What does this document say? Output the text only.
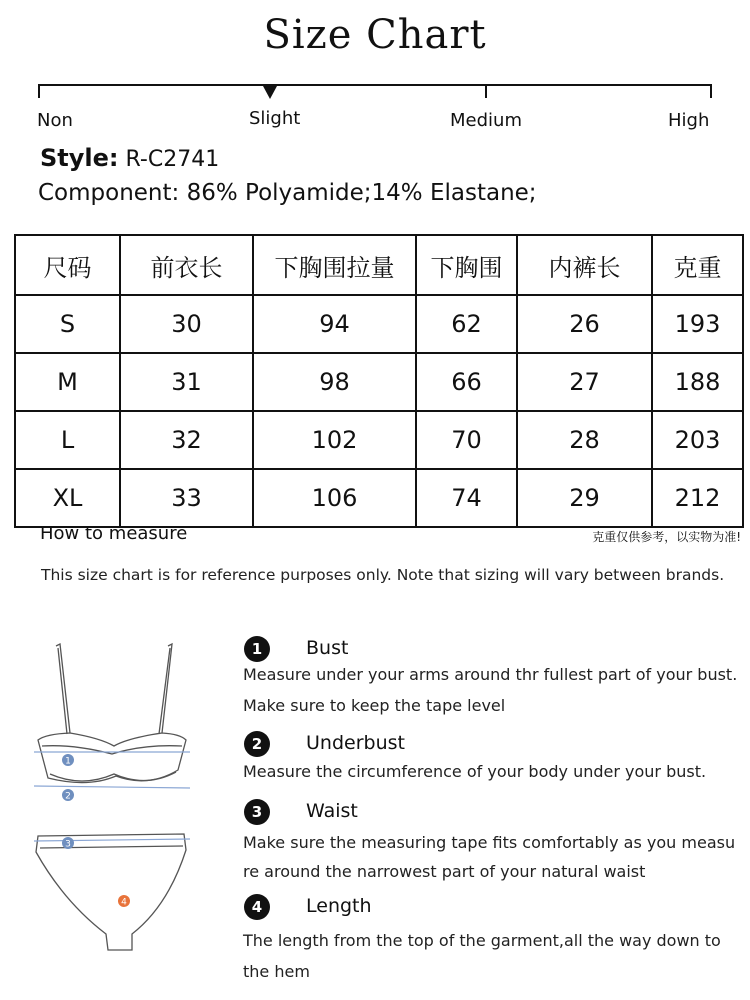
Size Chart
Non	Slight	Medium	High
Style: R-C2741
Component: 86% Polyamide;14% Elastane;
尺码	前衣长	下胸围拉量	下胸围	内裤长	克重
S	30	94	62	26	193
M	31	98	66	27	188
L	32	102	70	28	203
XL	33	106	74	29	212
How to measure	克重仅供参考，以实物为准!
This size chart is for reference purposes only. Note that sizing will vary between brands.
1
2
3
4
1	Bust
Measure under your arms around thr fullest part of your bust.
Make sure to keep the tape level
2	Underbust
Measure the circumference of your body under your bust.
3	Waist
Make sure the measuring tape fits comfortably as you measu
re around the narrowest part of your natural waist
4	Length
The length from the top of the garment,all the way down to
the hem
